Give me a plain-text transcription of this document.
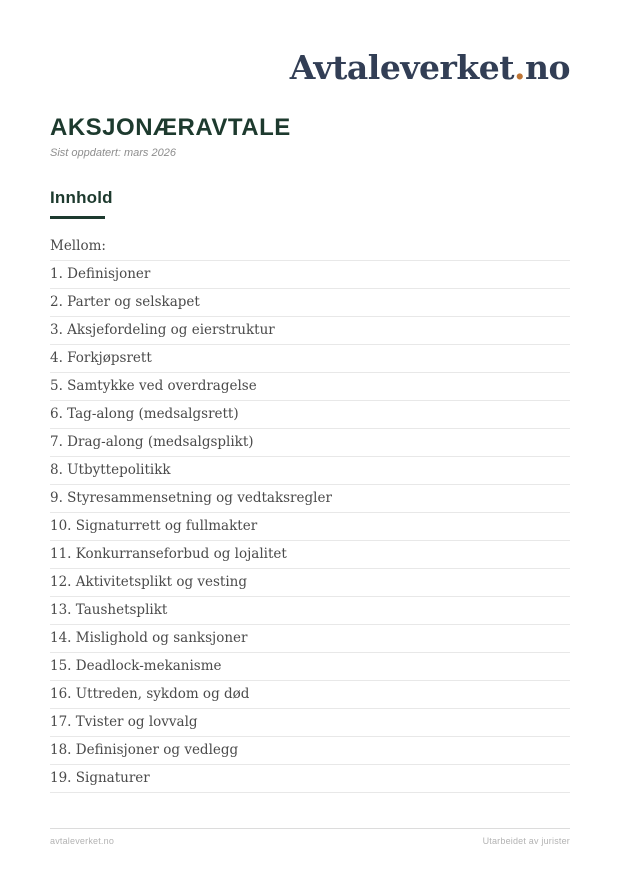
Avtaleverket.no
AKSJONÆRAVTALE
Sist oppdatert: mars 2026
Innhold
Mellom:
1. Definisjoner
2. Parter og selskapet
3. Aksjefordeling og eierstruktur
4. Forkjøpsrett
5. Samtykke ved overdragelse
6. Tag-along (medsalgsrett)
7. Drag-along (medsalgsplikt)
8. Utbyttepolitikk
9. Styresammensetning og vedtaksregler
10. Signaturrett og fullmakter
11. Konkurranseforbud og lojalitet
12. Aktivitetsplikt og vesting
13. Taushetsplikt
14. Mislighold og sanksjoner
15. Deadlock-mekanisme
16. Uttreden, sykdom og død
17. Tvister og lovvalg
18. Definisjoner og vedlegg
19. Signaturer
avtaleverket.no	Utarbeidet av jurister
